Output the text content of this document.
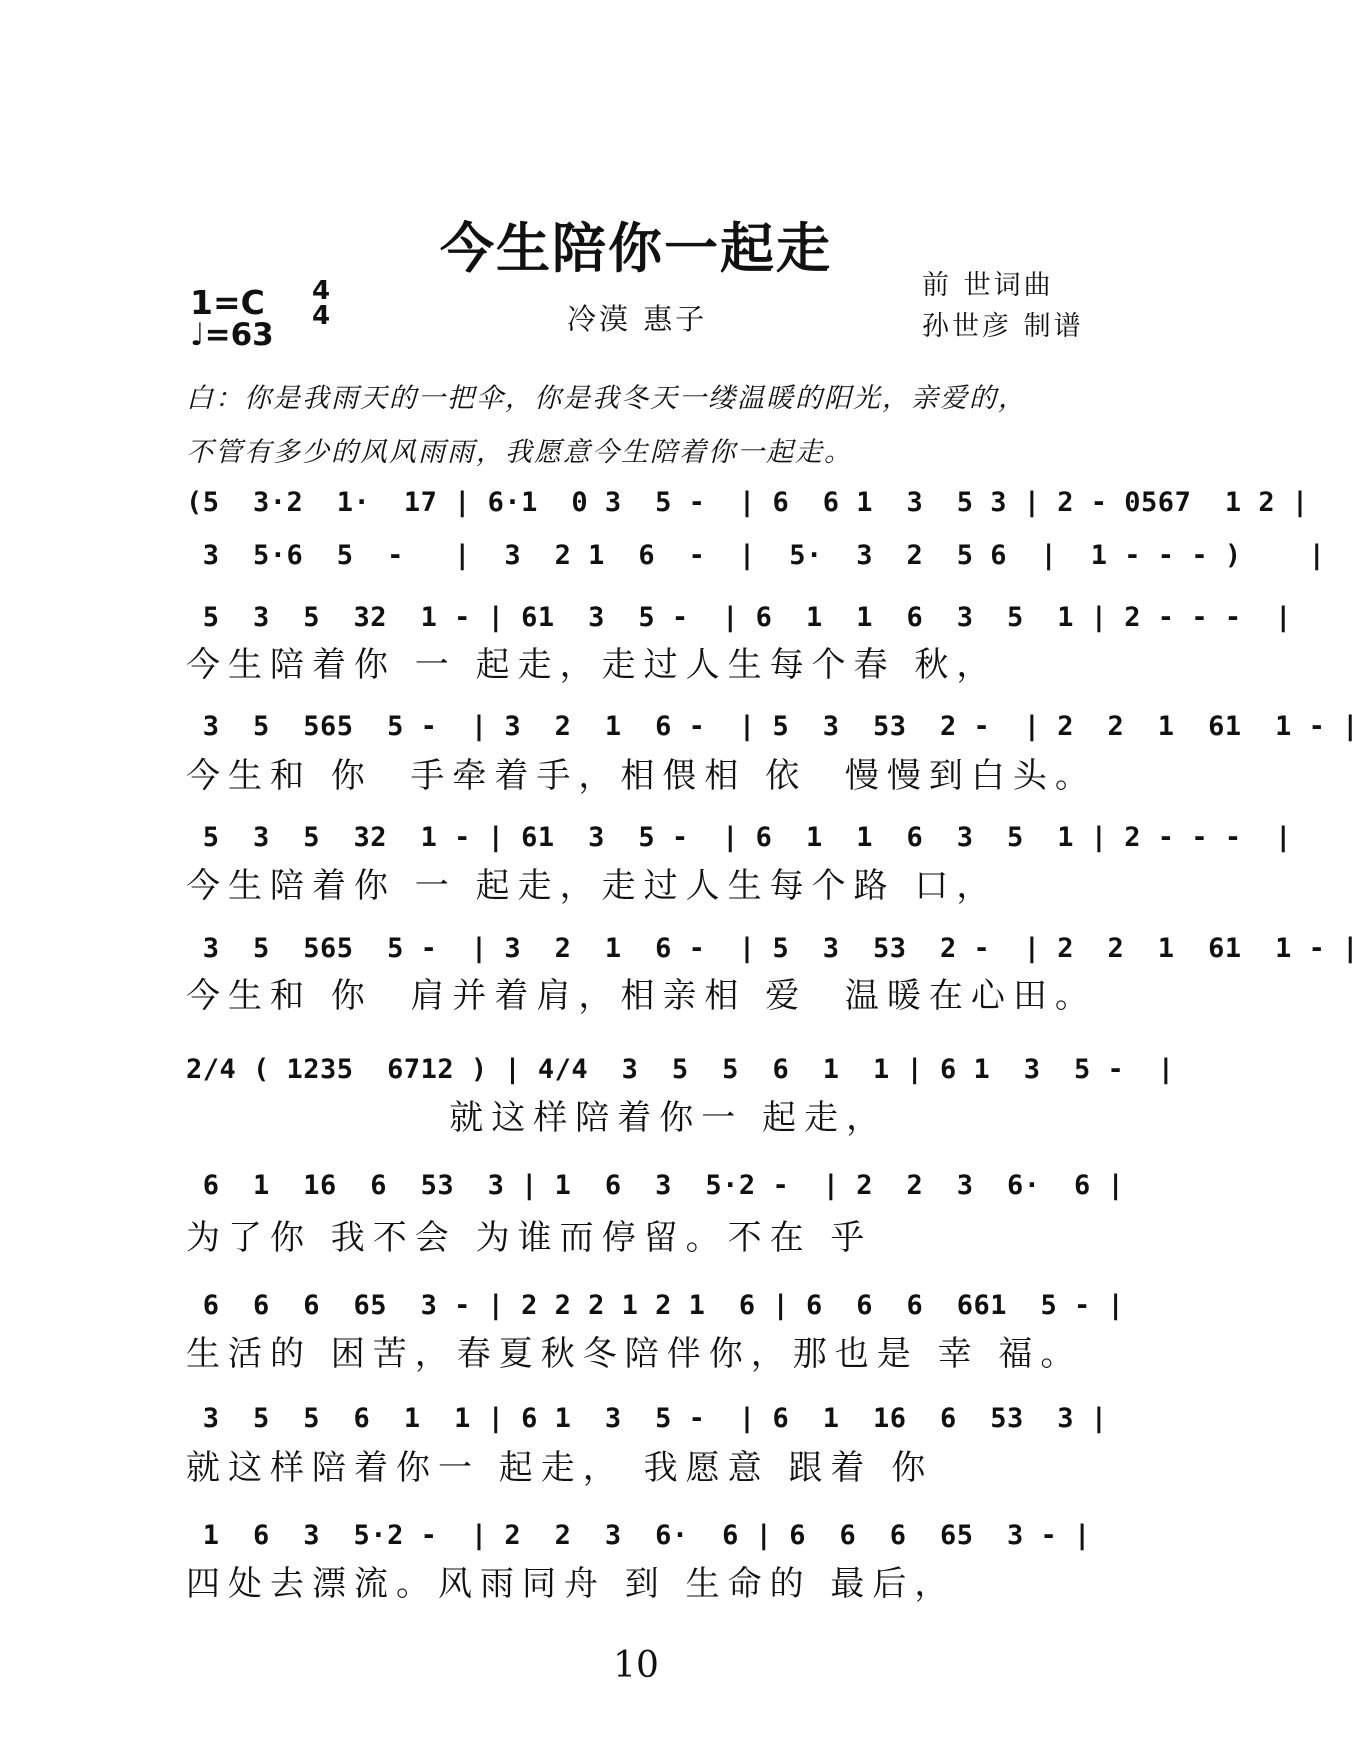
今生陪你一起走
1=C 4
4
♩=63	冷漠 惠子
前 世词曲
孙世彦 制谱
白：你是我雨天的一把伞，你是我冬天一缕温暖的阳光，亲爱的，
不管有多少的风风雨雨，我愿意今生陪着你一起走。
(5  3·2  1·  17 | 6·1  0 3  5 -  | 6  6 1  3  5 3 | 2 - 0567  1 2 |
3  5·6  5  -   |  3  2 1  6  -  |  5·  3  2  5 6  |  1 - - - )    |
5  3  5  32  1 - | 61  3  5 -  | 6  1  1  6  3  5  1 | 2 - - -  |
今生陪着你 一 起走，走过人生每个春 秋，
3  5  565  5 -  | 3  2  1  6 -  | 5  3  53  2 -  | 2  2  1  61  1 - |
今生和 你  手牵着手，相偎相 依  慢慢到白头。
5  3  5  32  1 - | 61  3  5 -  | 6  1  1  6  3  5  1 | 2 - - -  |
今生陪着你 一 起走，走过人生每个路 口，
3  5  565  5 -  | 3  2  1  6 -  | 5  3  53  2 -  | 2  2  1  61  1 - |
今生和 你  肩并着肩，相亲相 爱  温暖在心田。
2/4 ( 1235  6712 ) | 4/4  3  5  5  6  1  1 | 6 1  3  5 -  |
就这样陪着你一 起走，
6  1  16  6  53  3 | 1  6  3  5·2 -  | 2  2  3  6·  6 |
为了你 我不会 为谁而停留。不在 乎
6  6  6  65  3 - | 2 2 2 1 2 1  6 | 6  6  6  661  5 - |
生活的 困苦，春夏秋冬陪伴你，那也是 幸 福。
3  5  5  6  1  1 | 6 1  3  5 -  | 6  1  16  6  53  3 |
就这样陪着你一 起走， 我愿意 跟着 你
1  6  3  5·2 -  | 2  2  3  6·  6 | 6  6  6  65  3 - |
四处去漂流。风雨同舟 到 生命的 最后，
10
